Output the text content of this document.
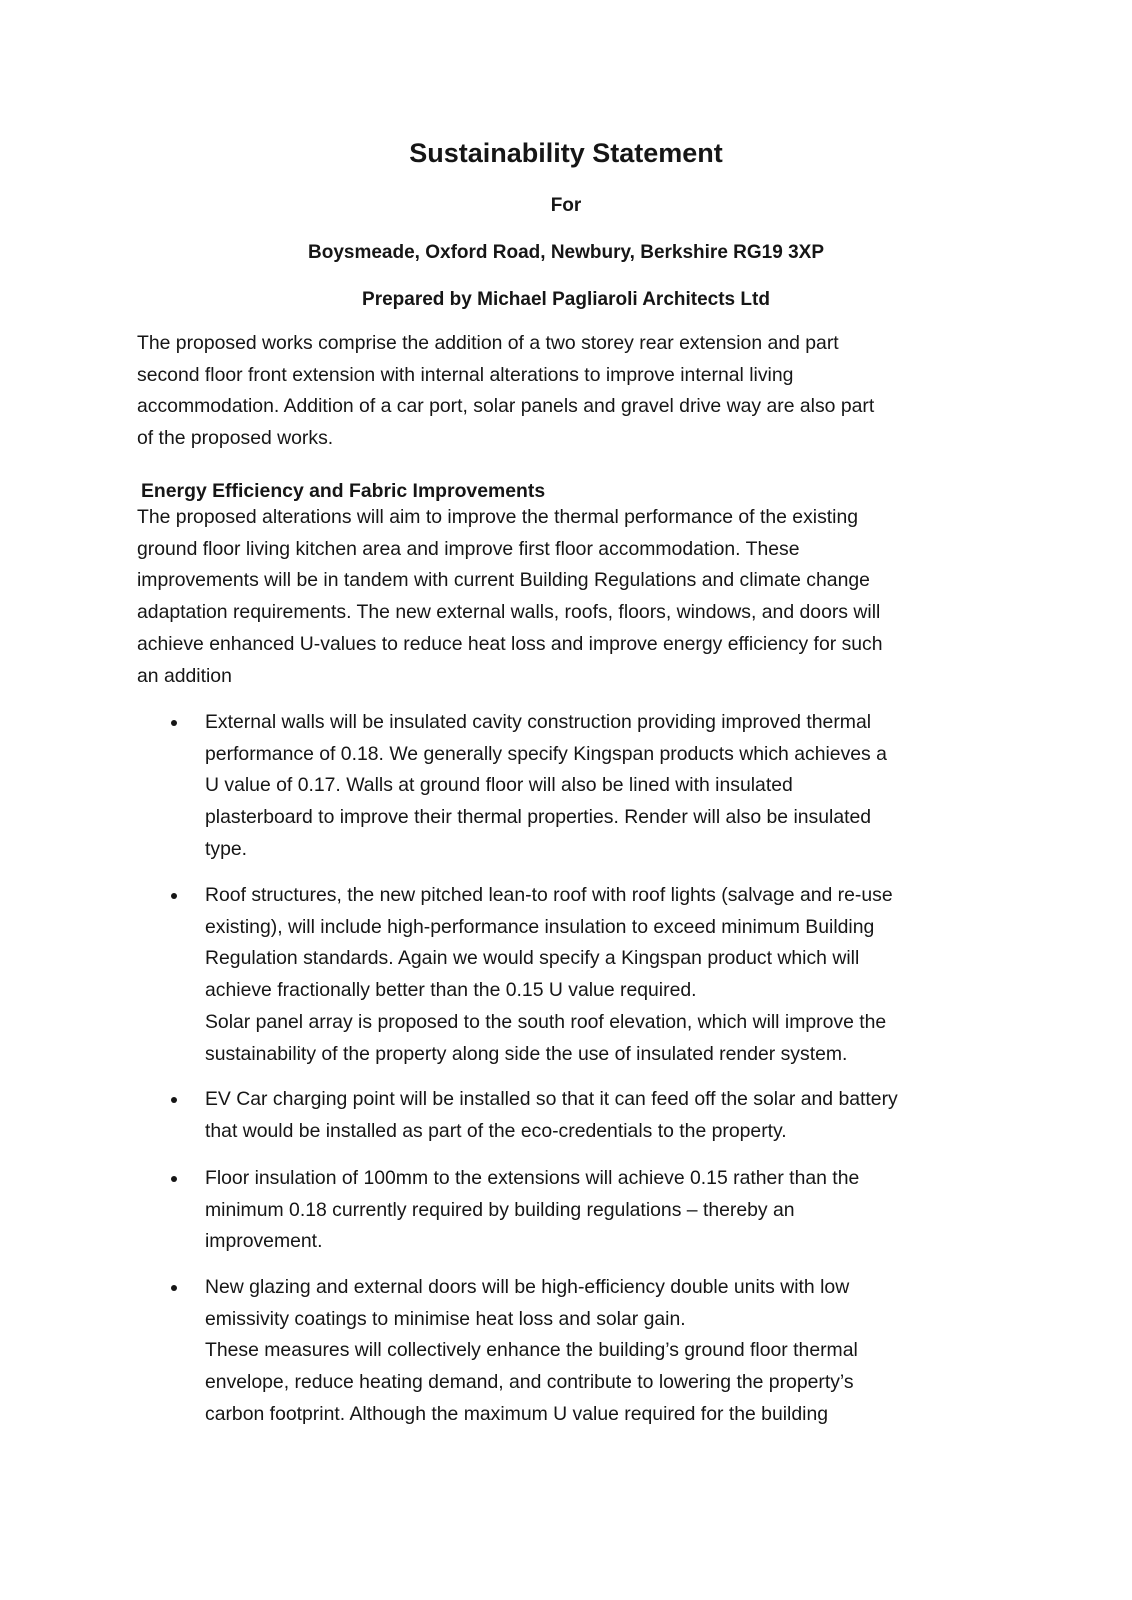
Sustainability Statement
For
Boysmeade, Oxford Road, Newbury, Berkshire RG19 3XP
Prepared by Michael Pagliaroli Architects Ltd
The proposed works comprise the addition of a two storey rear extension and part
second floor front extension with internal alterations to improve internal living
accommodation. Addition of a car port, solar panels and gravel drive way are also part
of the proposed works.
Energy Efficiency and Fabric Improvements
The proposed alterations will aim to improve the thermal performance of the existing
ground floor living kitchen area and improve first floor accommodation. These
improvements will be in tandem with current Building Regulations and climate change
adaptation requirements. The new external walls, roofs, floors, windows, and doors will
achieve enhanced U-values to reduce heat loss and improve energy efficiency for such
an addition
External walls will be insulated cavity construction providing improved thermal
performance of 0.18. We generally specify Kingspan products which achieves a
U value of 0.17. Walls at ground floor will also be lined with insulated
plasterboard to improve their thermal properties. Render will also be insulated
type.
Roof structures, the new pitched lean-to roof with roof lights (salvage and re-use
existing), will include high-performance insulation to exceed minimum Building
Regulation standards. Again we would specify a Kingspan product which will
achieve fractionally better than the 0.15 U value required.
Solar panel array is proposed to the south roof elevation, which will improve the
sustainability of the property along side the use of insulated render system.
EV Car charging point will be installed so that it can feed off the solar and battery
that would be installed as part of the eco-credentials to the property.
Floor insulation of 100mm to the extensions will achieve 0.15 rather than the
minimum 0.18 currently required by building regulations – thereby an
improvement.
New glazing and external doors will be high-efficiency double units with low
emissivity coatings to minimise heat loss and solar gain.
These measures will collectively enhance the building’s ground floor thermal
envelope, reduce heating demand, and contribute to lowering the property’s
carbon footprint. Although the maximum U value required for the building
